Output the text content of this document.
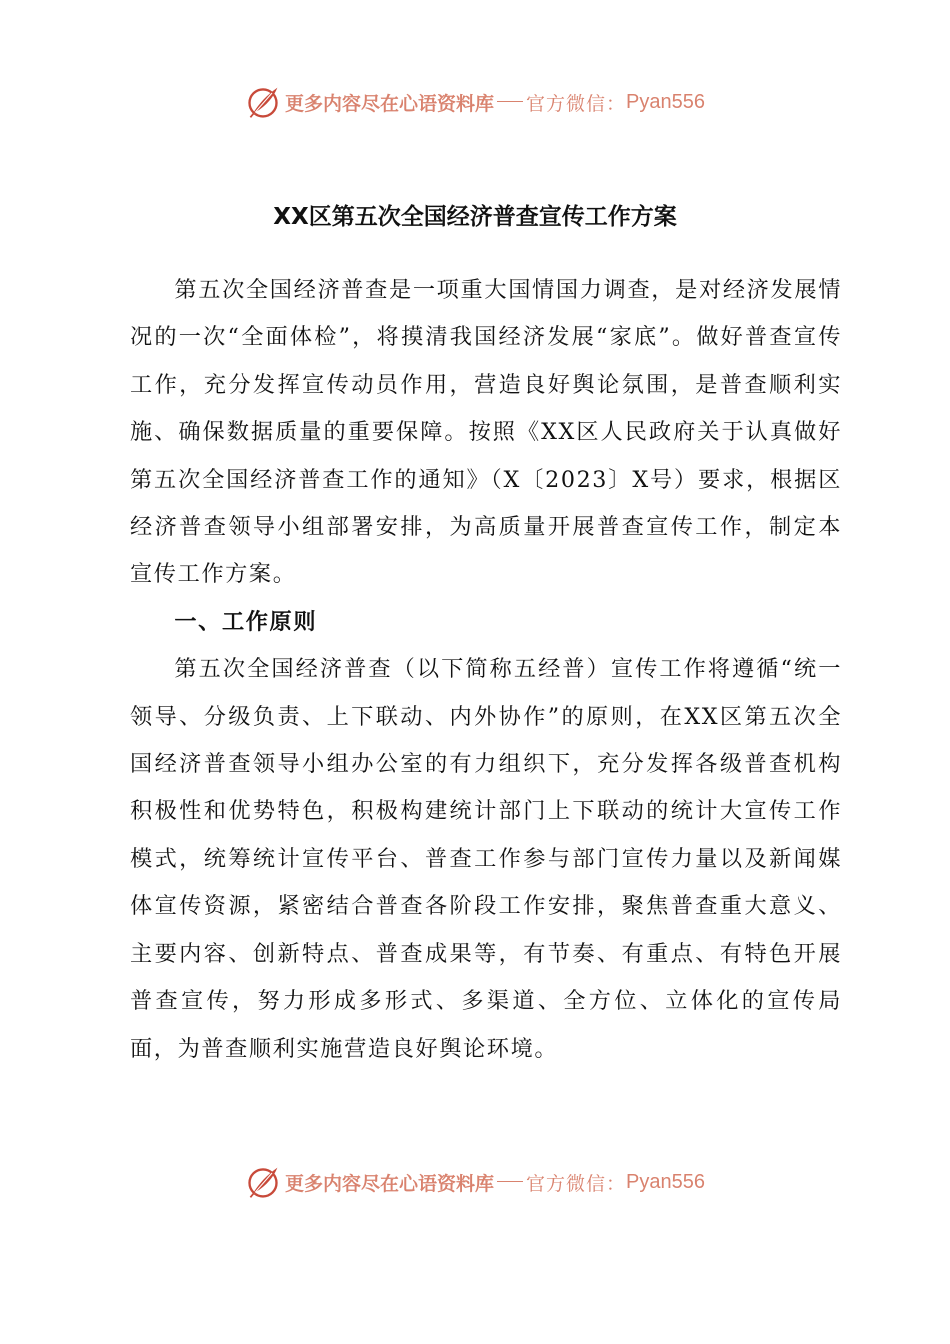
更多内容尽在心语资料库 官方微信： Pyan556
XX区第五次全国经济普查宣传工作方案

第五次全国经济普查是一项重大国情国力调查，是对经济发展情况的一次“全面体检”，将摸清我国经济发展“家底”。做好普查宣传工作，充分发挥宣传动员作用，营造良好舆论氛围，是普查顺利实施、确保数据质量的重要保障。按照《XX区人民政府关于认真做好第五次全国经济普查工作的通知》（X〔2023〕X号）要求，根据区经济普查领导小组部署安排，为高质量开展普查宣传工作，制定本宣传工作方案。

一、工作原则

第五次全国经济普查（以下简称五经普）宣传工作将遵循“统一领导、分级负责、上下联动、内外协作”的原则，在XX区第五次全国经济普查领导小组办公室的有力组织下，充分发挥各级普查机构积极性和优势特色，积极构建统计部门上下联动的统计大宣传工作模式，统筹统计宣传平台、普查工作参与部门宣传力量以及新闻媒体宣传资源，紧密结合普查各阶段工作安排，聚焦普查重大意义、主要内容、创新特点、普查成果等，有节奏、有重点、有特色开展普查宣传，努力形成多形式、多渠道、全方位、立体化的宣传局面，为普查顺利实施营造良好舆论环境。

更多内容尽在心语资料库 官方微信： Pyan556
